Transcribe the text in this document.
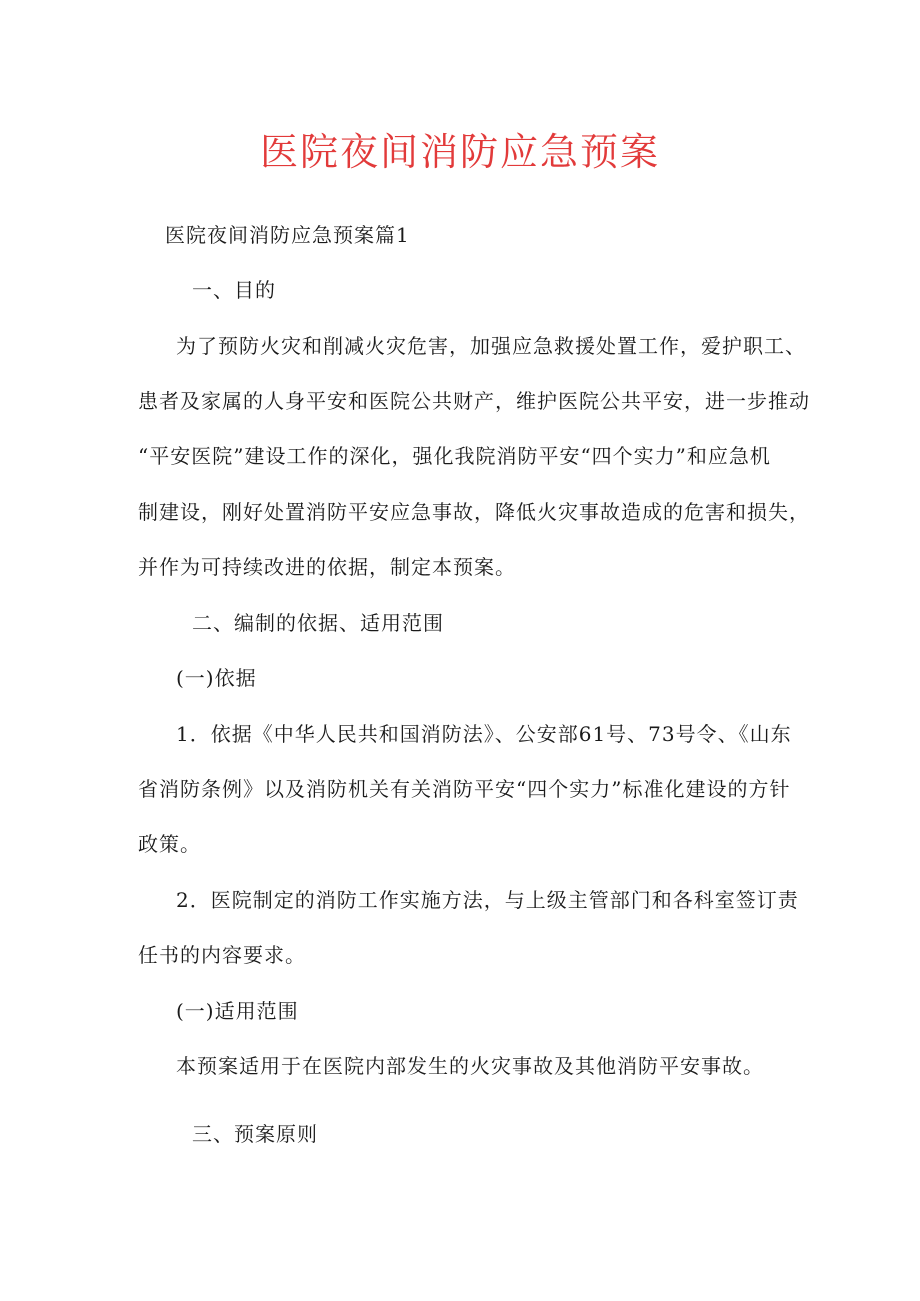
医院夜间消防应急预案

医院夜间消防应急预案篇1

一、目的

为了预防火灾和削减火灾危害，加强应急救援处置工作，爱护职工、

患者及家属的人身平安和医院公共财产，维护医院公共平安，进一步推动

“平安医院”建设工作的深化，强化我院消防平安“四个实力”和应急机

制建设，刚好处置消防平安应急事故，降低火灾事故造成的危害和损失，

并作为可持续改进的依据，制定本预案。

二、编制的依据、适用范围

(一)依据

1．依据《中华人民共和国消防法》、公安部61号、73号令、《山东

省消防条例》以及消防机关有关消防平安“四个实力”标准化建设的方针

政策。

2．医院制定的消防工作实施方法，与上级主管部门和各科室签订责

任书的内容要求。

(一)适用范围

本预案适用于在医院内部发生的火灾事故及其他消防平安事故。

三、预案原则
